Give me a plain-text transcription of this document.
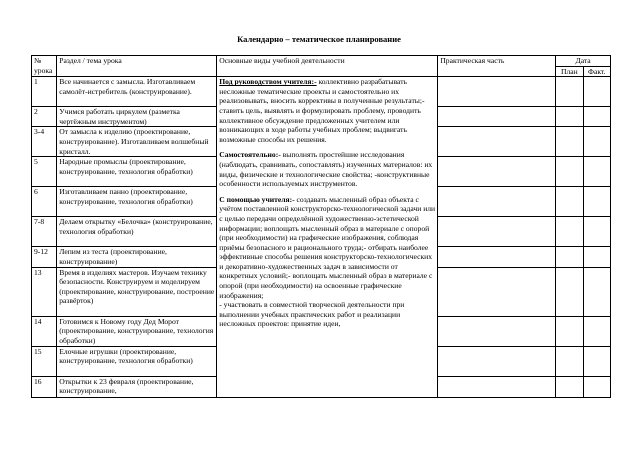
Календарно – тематическое планирование
№ урока	Раздел / тема урока	Основные виды учебной деятельности	Практическая часть	Дата	
				План	Факт.
1	Все начинается с замысла. Изготавливаем самолёт-истребитель (конструирование).	Под руководством учителя:- коллективно разрабатывать несложные тематические проекты и самостоятельно их реализовывать, вносить коррективы в полученные результаты;- ставить цель, выявлять и формулировать проблему, проводить коллективное обсуждение предложенных учителем или возникающих в ходе работы учебных проблем; выдвигать возможные способы их решения.

Самостоятельно:- выполнять простейшие исследования (наблюдать, сравнивать, сопоставлять) изученных материалов: их виды, физические и технологические свойства; -конструктивные особенности используемых инструментов.

С помощью учителя:- создавать мысленный образ объекта с учётом поставленной конструкторско-технологической задачи или с целью передачи определённой художественно-эстетической информации; воплощать мысленный образ в материале с опорой (при необходимости) на графические изображения, соблюдая приёмы безопасного и рационального труда;- отбирать наиболее эффективные способы решения конструкторско-технологических и декоративно-художественных задач в зависимости от конкретных условий;- воплощать мысленный образ в материале с опорой (при необходимости) на освоенные графические изображения;
- участвовать в совместной творческой деятельности при выполнении учебных практических работ и реализации несложных проектов: принятие идеи,			

2	Учимся работать циркулем (разметка чертёжным инструментом)				
3-4	От замысла к изделию (проектирование, конструирование). Изготавливаем волшебный кристалл.				
5	Народные промыслы (проектирование, конструирование, технология обработки)				
6	Изготавливаем панно (проектирование, конструирование, технология обработки)				
7-8	Делаем открытку «Белочка» (конструирование, технология обработки)				
9-12	Лепим из теста (проектирование, конструирование)				
13	Время в изделиях мастеров. Изучаем технику безопасности. Конструируем и моделируем (проектирование, конструирование, построение развёрток)				
14	Готовимся к Новому году Дед Морот (проектирование, конструирование, технология обработки)				
15	Елочные игрушки (проектирование, конструирование, технология обработки)				
16	Открытки к 23 февраля (проектирование, конструирование,				
